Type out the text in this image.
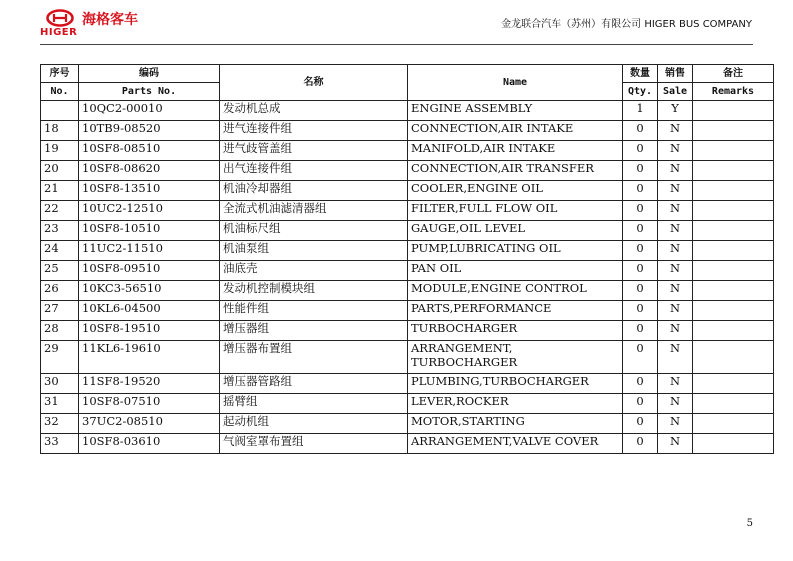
海格客车
HIGER
金龙联合汽车（苏州）有限公司 HIGER BUS COMPANY
序号	编码	名称	Name	数量	销售	备注
No.	Parts No.			Qty.	Sale	Remarks
	10QC2-00010	发动机总成	ENGINE ASSEMBLY	1	Y	
18	10TB9-08520	进气连接件组	CONNECTION,AIR INTAKE	0	N	
19	10SF8-08510	进气歧管盖组	MANIFOLD,AIR INTAKE	0	N	
20	10SF8-08620	出气连接件组	CONNECTION,AIR TRANSFER	0	N	
21	10SF8-13510	机油冷却器组	COOLER,ENGINE OIL	0	N	
22	10UC2-12510	全流式机油滤清器组	FILTER,FULL FLOW OIL	0	N	
23	10SF8-10510	机油标尺组	GAUGE,OIL LEVEL	0	N	
24	11UC2-11510	机油泵组	PUMP,LUBRICATING OIL	0	N	
25	10SF8-09510	油底壳	PAN OIL	0	N	
26	10KC3-56510	发动机控制模块组	MODULE,ENGINE CONTROL	0	N	
27	10KL6-04500	性能件组	PARTS,PERFORMANCE	0	N	
28	10SF8-19510	增压器组	TURBOCHARGER	0	N	
29	11KL6-19610	增压器布置组	ARRANGEMENT,
TURBOCHARGER	0	N	
30	11SF8-19520	增压器管路组	PLUMBING,TURBOCHARGER	0	N	
31	10SF8-07510	摇臂组	LEVER,ROCKER	0	N	
32	37UC2-08510	起动机组	MOTOR,STARTING	0	N	
33	10SF8-03610	气阀室罩布置组	ARRANGEMENT,VALVE COVER	0	N	
5
